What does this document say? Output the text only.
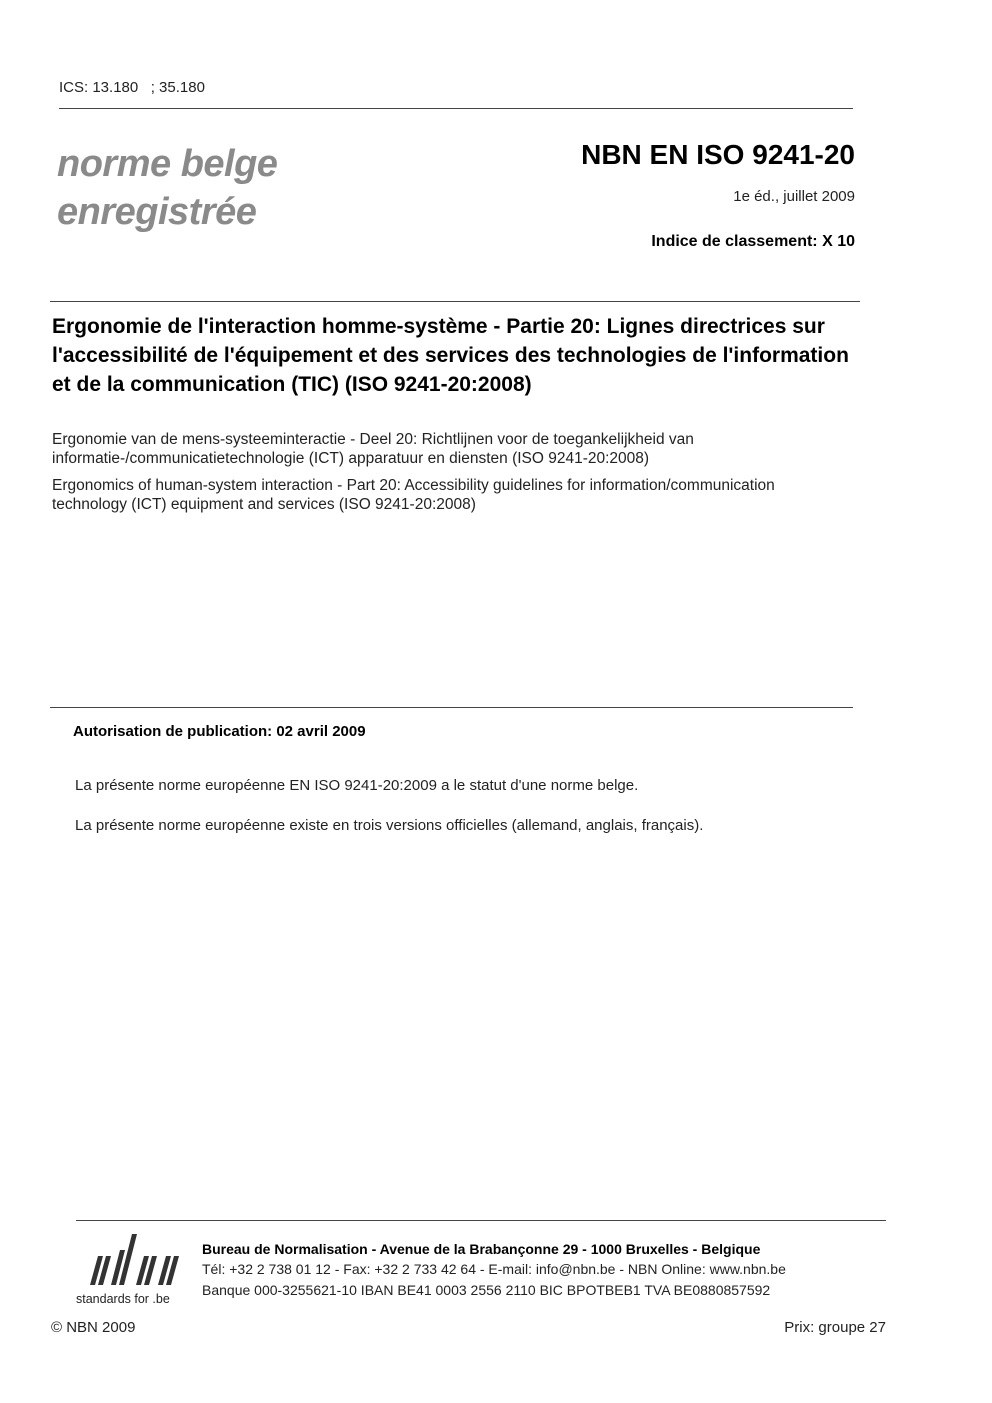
ICS: 13.180   ; 35.180
norme belge
enregistrée
NBN EN ISO 9241-20
1e éd., juillet 2009
Indice de classement: X 10
Ergonomie de l'interaction homme-système - Partie 20: Lignes directrices sur l'accessibilité de l'équipement et des services des technologies de l'information et de la communication (TIC) (ISO 9241-20:2008)
Ergonomie van de mens-systeeminteractie - Deel 20: Richtlijnen voor de toegankelijkheid van informatie-/communicatietechnologie (ICT) apparatuur en diensten (ISO 9241-20:2008)
Ergonomics of human-system interaction - Part 20: Accessibility guidelines for information/communication technology (ICT) equipment and services (ISO 9241-20:2008)
Autorisation de publication: 02 avril 2009
La présente norme européenne EN ISO 9241-20:2009 a le statut d'une norme belge.
La présente norme européenne existe en trois versions officielles (allemand, anglais, français).
standards for .be
Bureau de Normalisation - Avenue de la Brabançonne 29 - 1000 Bruxelles - Belgique
Tél: +32 2 738 01 12 - Fax: +32 2 733 42 64 - E-mail: info@nbn.be - NBN Online: www.nbn.be
Banque 000-3255621-10 IBAN BE41 0003 2556 2110 BIC BPOTBEB1 TVA BE0880857592
© NBN 2009	Prix: groupe 27
